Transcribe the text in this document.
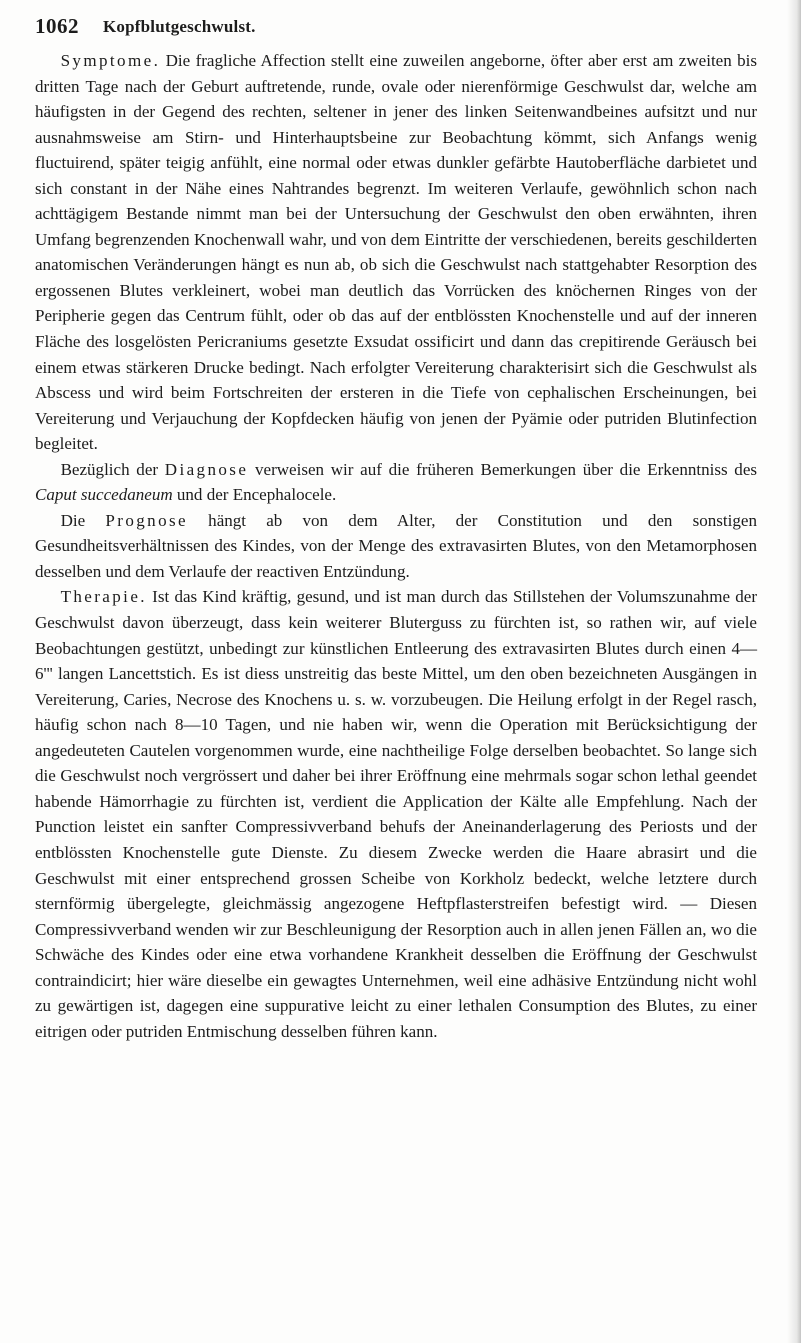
1062 Kopfblutgeschwulst.

Symptome. Die fragliche Affection stellt eine zuweilen angeborne, öfter aber erst am zweiten bis dritten Tage nach der Geburt auftretende, runde, ovale oder nierenförmige Geschwulst dar, welche am häufigsten in der Gegend des rechten, seltener in jener des linken Seitenwandbeines aufsitzt und nur ausnahmsweise am Stirn- und Hinterhauptsbeine zur Beobachtung kömmt, sich Anfangs wenig fluctuirend, später teigig anfühlt, eine normal oder etwas dunkler gefärbte Hautoberfläche darbietet und sich constant in der Nähe eines Nahtrandes begrenzt. Im weiteren Verlaufe, gewöhnlich schon nach achttägigem Bestande nimmt man bei der Untersuchung der Geschwulst den oben erwähnten, ihren Umfang begrenzenden Knochenwall wahr, und von dem Eintritte der verschiedenen, bereits geschilderten anatomischen Veränderungen hängt es nun ab, ob sich die Geschwulst nach stattgehabter Resorption des ergossenen Blutes verkleinert, wobei man deutlich das Vorrücken des knöchernen Ringes von der Peripherie gegen das Centrum fühlt, oder ob das auf der entblössten Knochenstelle und auf der inneren Fläche des losgelösten Pericraniums gesetzte Exsudat ossificirt und dann das crepitirende Geräusch bei einem etwas stärkeren Drucke bedingt. Nach erfolgter Vereiterung charakterisirt sich die Geschwulst als Abscess und wird beim Fortschreiten der ersteren in die Tiefe von cephalischen Erscheinungen, bei Vereiterung und Verjauchung der Kopfdecken häufig von jenen der Pyämie oder putriden Blutinfection begleitet.

Bezüglich der Diagnose verweisen wir auf die früheren Bemerkungen über die Erkenntniss des Caput succedaneum und der Encephalocele.

Die Prognose hängt ab von dem Alter, der Constitution und den sonstigen Gesundheitsverhältnissen des Kindes, von der Menge des extravasirten Blutes, von den Metamorphosen desselben und dem Verlaufe der reactiven Entzündung.

Therapie. Ist das Kind kräftig, gesund, und ist man durch das Stillstehen der Volumszunahme der Geschwulst davon überzeugt, dass kein weiterer Bluterguss zu fürchten ist, so rathen wir, auf viele Beobachtungen gestützt, unbedingt zur künstlichen Entleerung des extravasirten Blutes durch einen 4—6''' langen Lancettstich. Es ist diess unstreitig das beste Mittel, um den oben bezeichneten Ausgängen in Vereiterung, Caries, Necrose des Knochens u. s. w. vorzubeugen. Die Heilung erfolgt in der Regel rasch, häufig schon nach 8—10 Tagen, und nie haben wir, wenn die Operation mit Berücksichtigung der angedeuteten Cautelen vorgenommen wurde, eine nachtheilige Folge derselben beobachtet. So lange sich die Geschwulst noch vergrössert und daher bei ihrer Eröffnung eine mehrmals sogar schon lethal geendet habende Hämorrhagie zu fürchten ist, verdient die Application der Kälte alle Empfehlung. Nach der Punction leistet ein sanfter Compressivverband behufs der Aneinanderlagerung des Periosts und der entblössten Knochenstelle gute Dienste. Zu diesem Zwecke werden die Haare abrasirt und die Geschwulst mit einer entsprechend grossen Scheibe von Korkholz bedeckt, welche letztere durch sternförmig übergelegte, gleichmässig angezogene Heftpflasterstreifen befestigt wird. — Diesen Compressivverband wenden wir zur Beschleunigung der Resorption auch in allen jenen Fällen an, wo die Schwäche des Kindes oder eine etwa vorhandene Krankheit desselben die Eröffnung der Geschwulst contraindicirt; hier wäre dieselbe ein gewagtes Unternehmen, weil eine adhäsive Entzündung nicht wohl zu gewärtigen ist, dagegen eine suppurative leicht zu einer lethalen Consumption des Blutes, zu einer eitrigen oder putriden Entmischung desselben führen kann.
